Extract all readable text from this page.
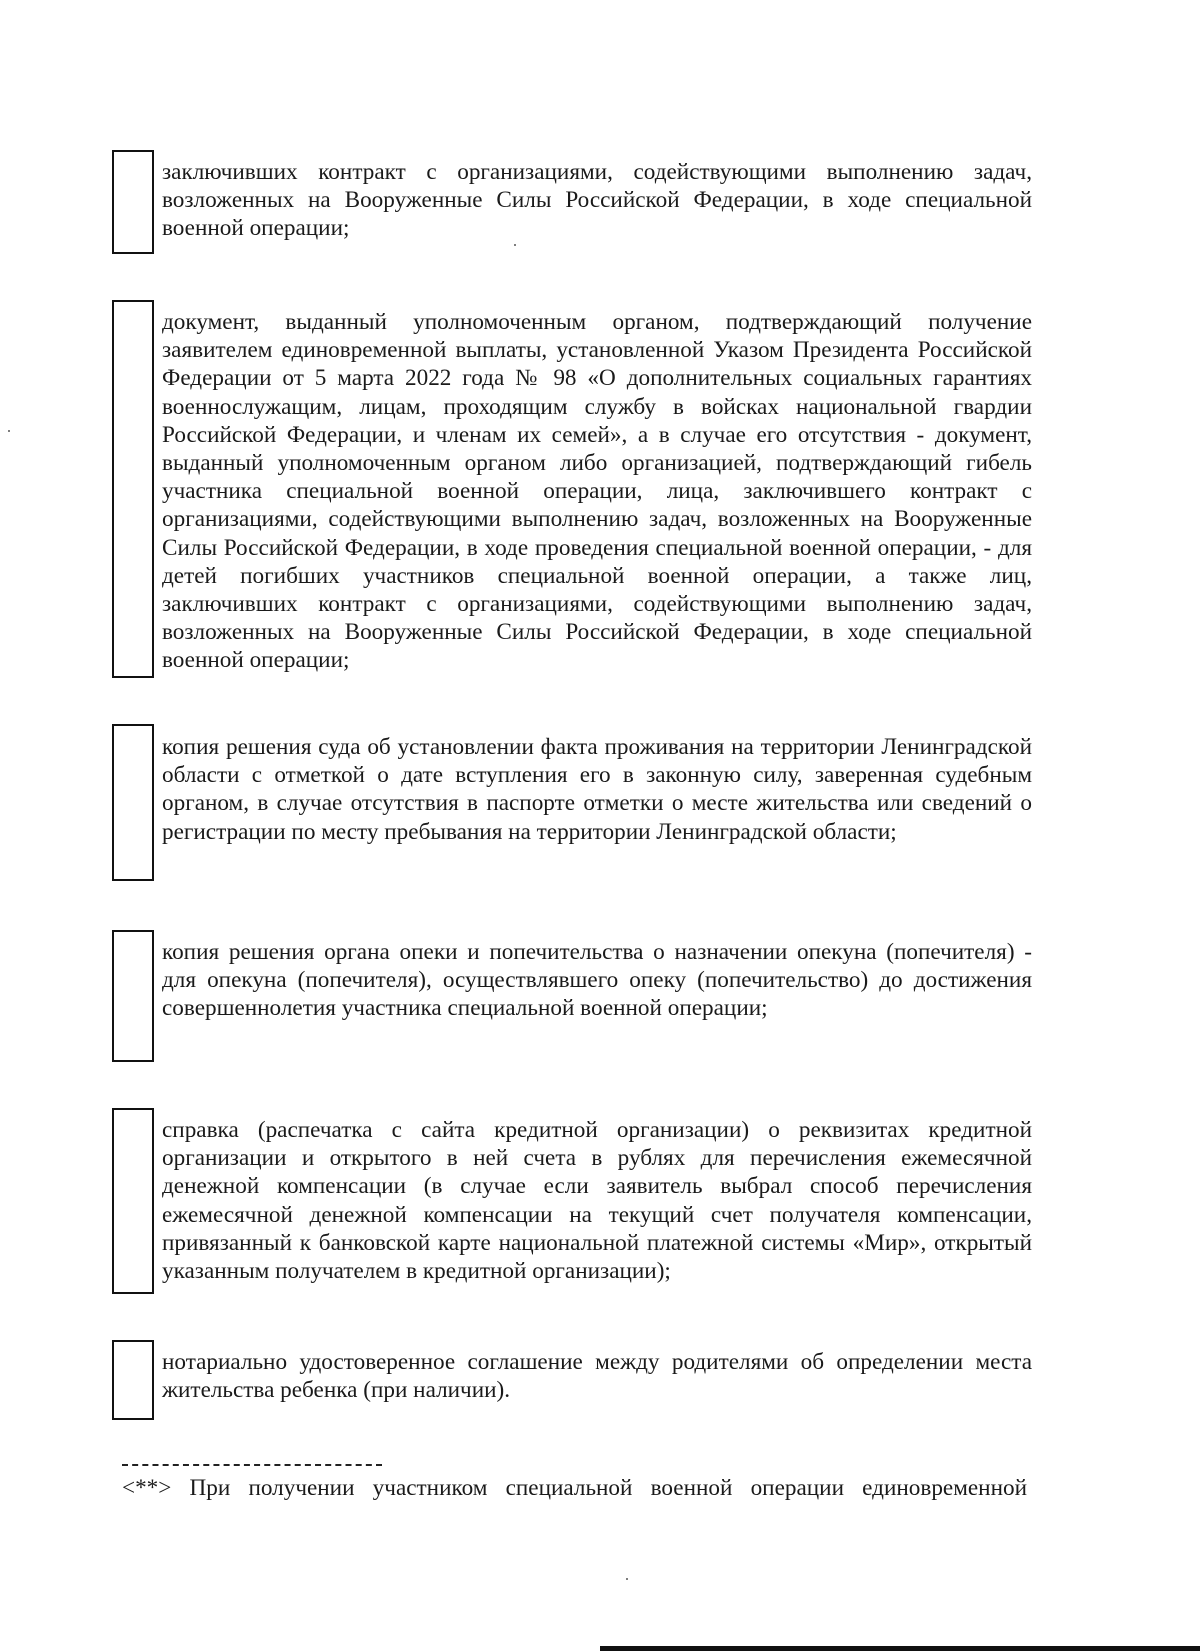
заключивших контракт с организациями, содействующими выполнению задач, возложенных на Вооруженные Силы Российской Федерации, в ходе специальной военной операции;

документ, выданный уполномоченным органом, подтверждающий получение заявителем единовременной выплаты, установленной Указом Президента Российской Федерации от 5 марта 2022 года № 98 «О дополнительных социальных гарантиях военнослужащим, лицам, проходящим службу в войсках национальной гвардии Российской Федерации, и членам их семей», а в случае его отсутствия - документ, выданный уполномоченным органом либо организацией, подтверждающий гибель участника специальной военной операции, лица, заключившего контракт с организациями, содействующими выполнению задач, возложенных на Вооруженные Силы Российской Федерации, в ходе проведения специальной военной операции, - для детей погибших участников специальной военной операции, а также лиц, заключивших контракт с организациями, содействующими выполнению задач, возложенных на Вооруженные Силы Российской Федерации, в ходе специальной военной операции;

копия решения суда об установлении факта проживания на территории Ленинградской области с отметкой о дате вступления его в законную силу, заверенная судебным органом, в случае отсутствия в паспорте отметки о месте жительства или сведений о регистрации по месту пребывания на территории Ленинградской области;

копия решения органа опеки и попечительства о назначении опекуна (попечителя) - для опекуна (попечителя), осуществлявшего опеку (попечительство) до достижения совершеннолетия участника специальной военной операции;

справка (распечатка с сайта кредитной организации) о реквизитах кредитной организации и открытого в ней счета в рублях для перечисления ежемесячной денежной компенсации (в случае если заявитель выбрал способ перечисления ежемесячной денежной компенсации на текущий счет получателя компенсации, привязанный к банковской карте национальной платежной системы «Мир», открытый указанным получателем в кредитной организации);

нотариально удостоверенное соглашение между родителями об определении места жительства ребенка (при наличии).

<**> При получении участником специальной военной операции единовременной
